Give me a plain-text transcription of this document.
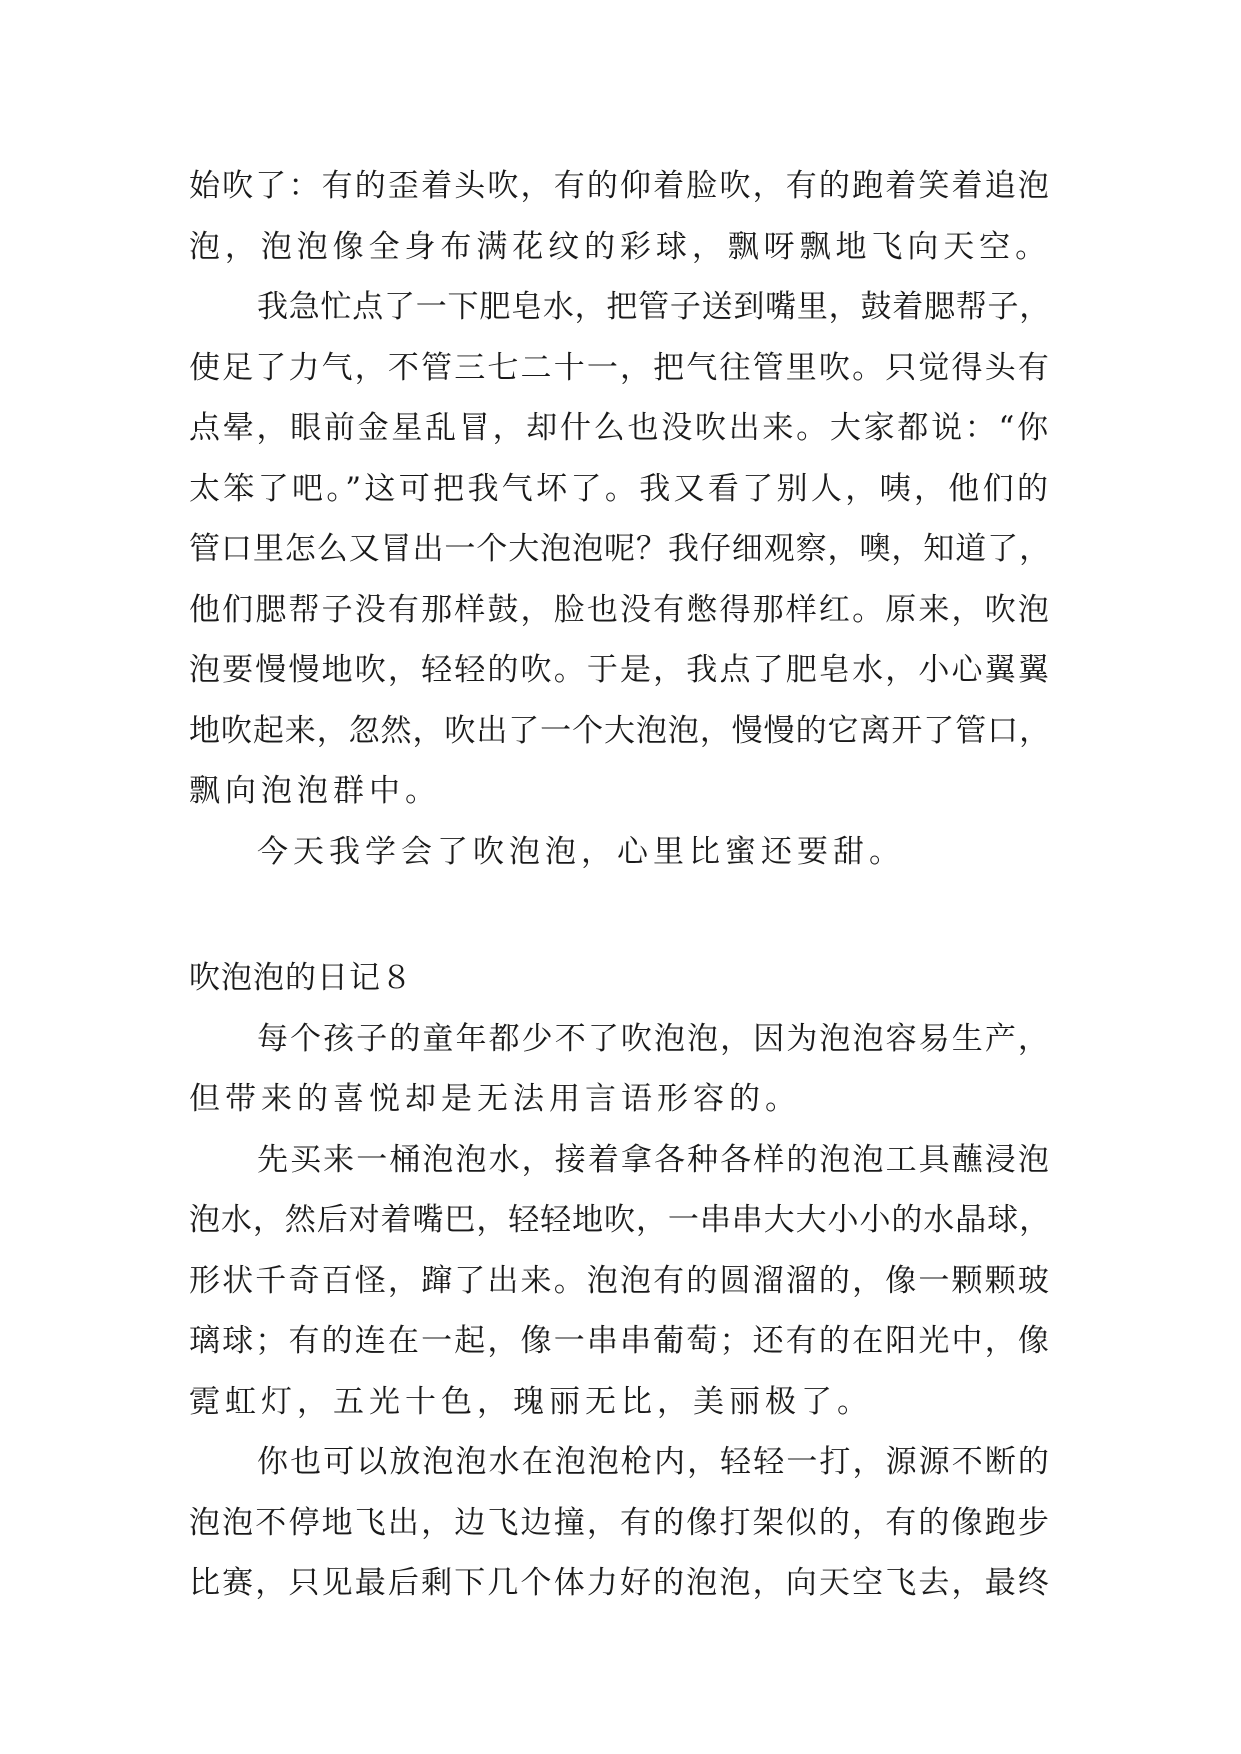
始吹了：有的歪着头吹，有的仰着脸吹，有的跑着笑着追泡
泡，泡泡像全身布满花纹的彩球，飘呀飘地飞向天空。
我急忙点了一下肥皂水，把管子送到嘴里，鼓着腮帮子，
使足了力气，不管三七二十一，把气往管里吹。只觉得头有
点晕，眼前金星乱冒，却什么也没吹出来。大家都说：“你
太笨了吧。”这可把我气坏了。我又看了别人，咦，他们的
管口里怎么又冒出一个大泡泡呢？我仔细观察，噢，知道了，
他们腮帮子没有那样鼓，脸也没有憋得那样红。原来，吹泡
泡要慢慢地吹，轻轻的吹。于是，我点了肥皂水，小心翼翼
地吹起来，忽然，吹出了一个大泡泡，慢慢的它离开了管口，
飘向泡泡群中。
今天我学会了吹泡泡，心里比蜜还要甜。
吹泡泡的日记８
每个孩子的童年都少不了吹泡泡，因为泡泡容易生产，
但带来的喜悦却是无法用言语形容的。
先买来一桶泡泡水，接着拿各种各样的泡泡工具蘸浸泡
泡水，然后对着嘴巴，轻轻地吹，一串串大大小小的水晶球，
形状千奇百怪，蹿了出来。泡泡有的圆溜溜的，像一颗颗玻
璃球；有的连在一起，像一串串葡萄；还有的在阳光中，像
霓虹灯，五光十色，瑰丽无比，美丽极了。
你也可以放泡泡水在泡泡枪内，轻轻一打，源源不断的
泡泡不停地飞出，边飞边撞，有的像打架似的，有的像跑步
比赛，只见最后剩下几个体力好的泡泡，向天空飞去，最终
